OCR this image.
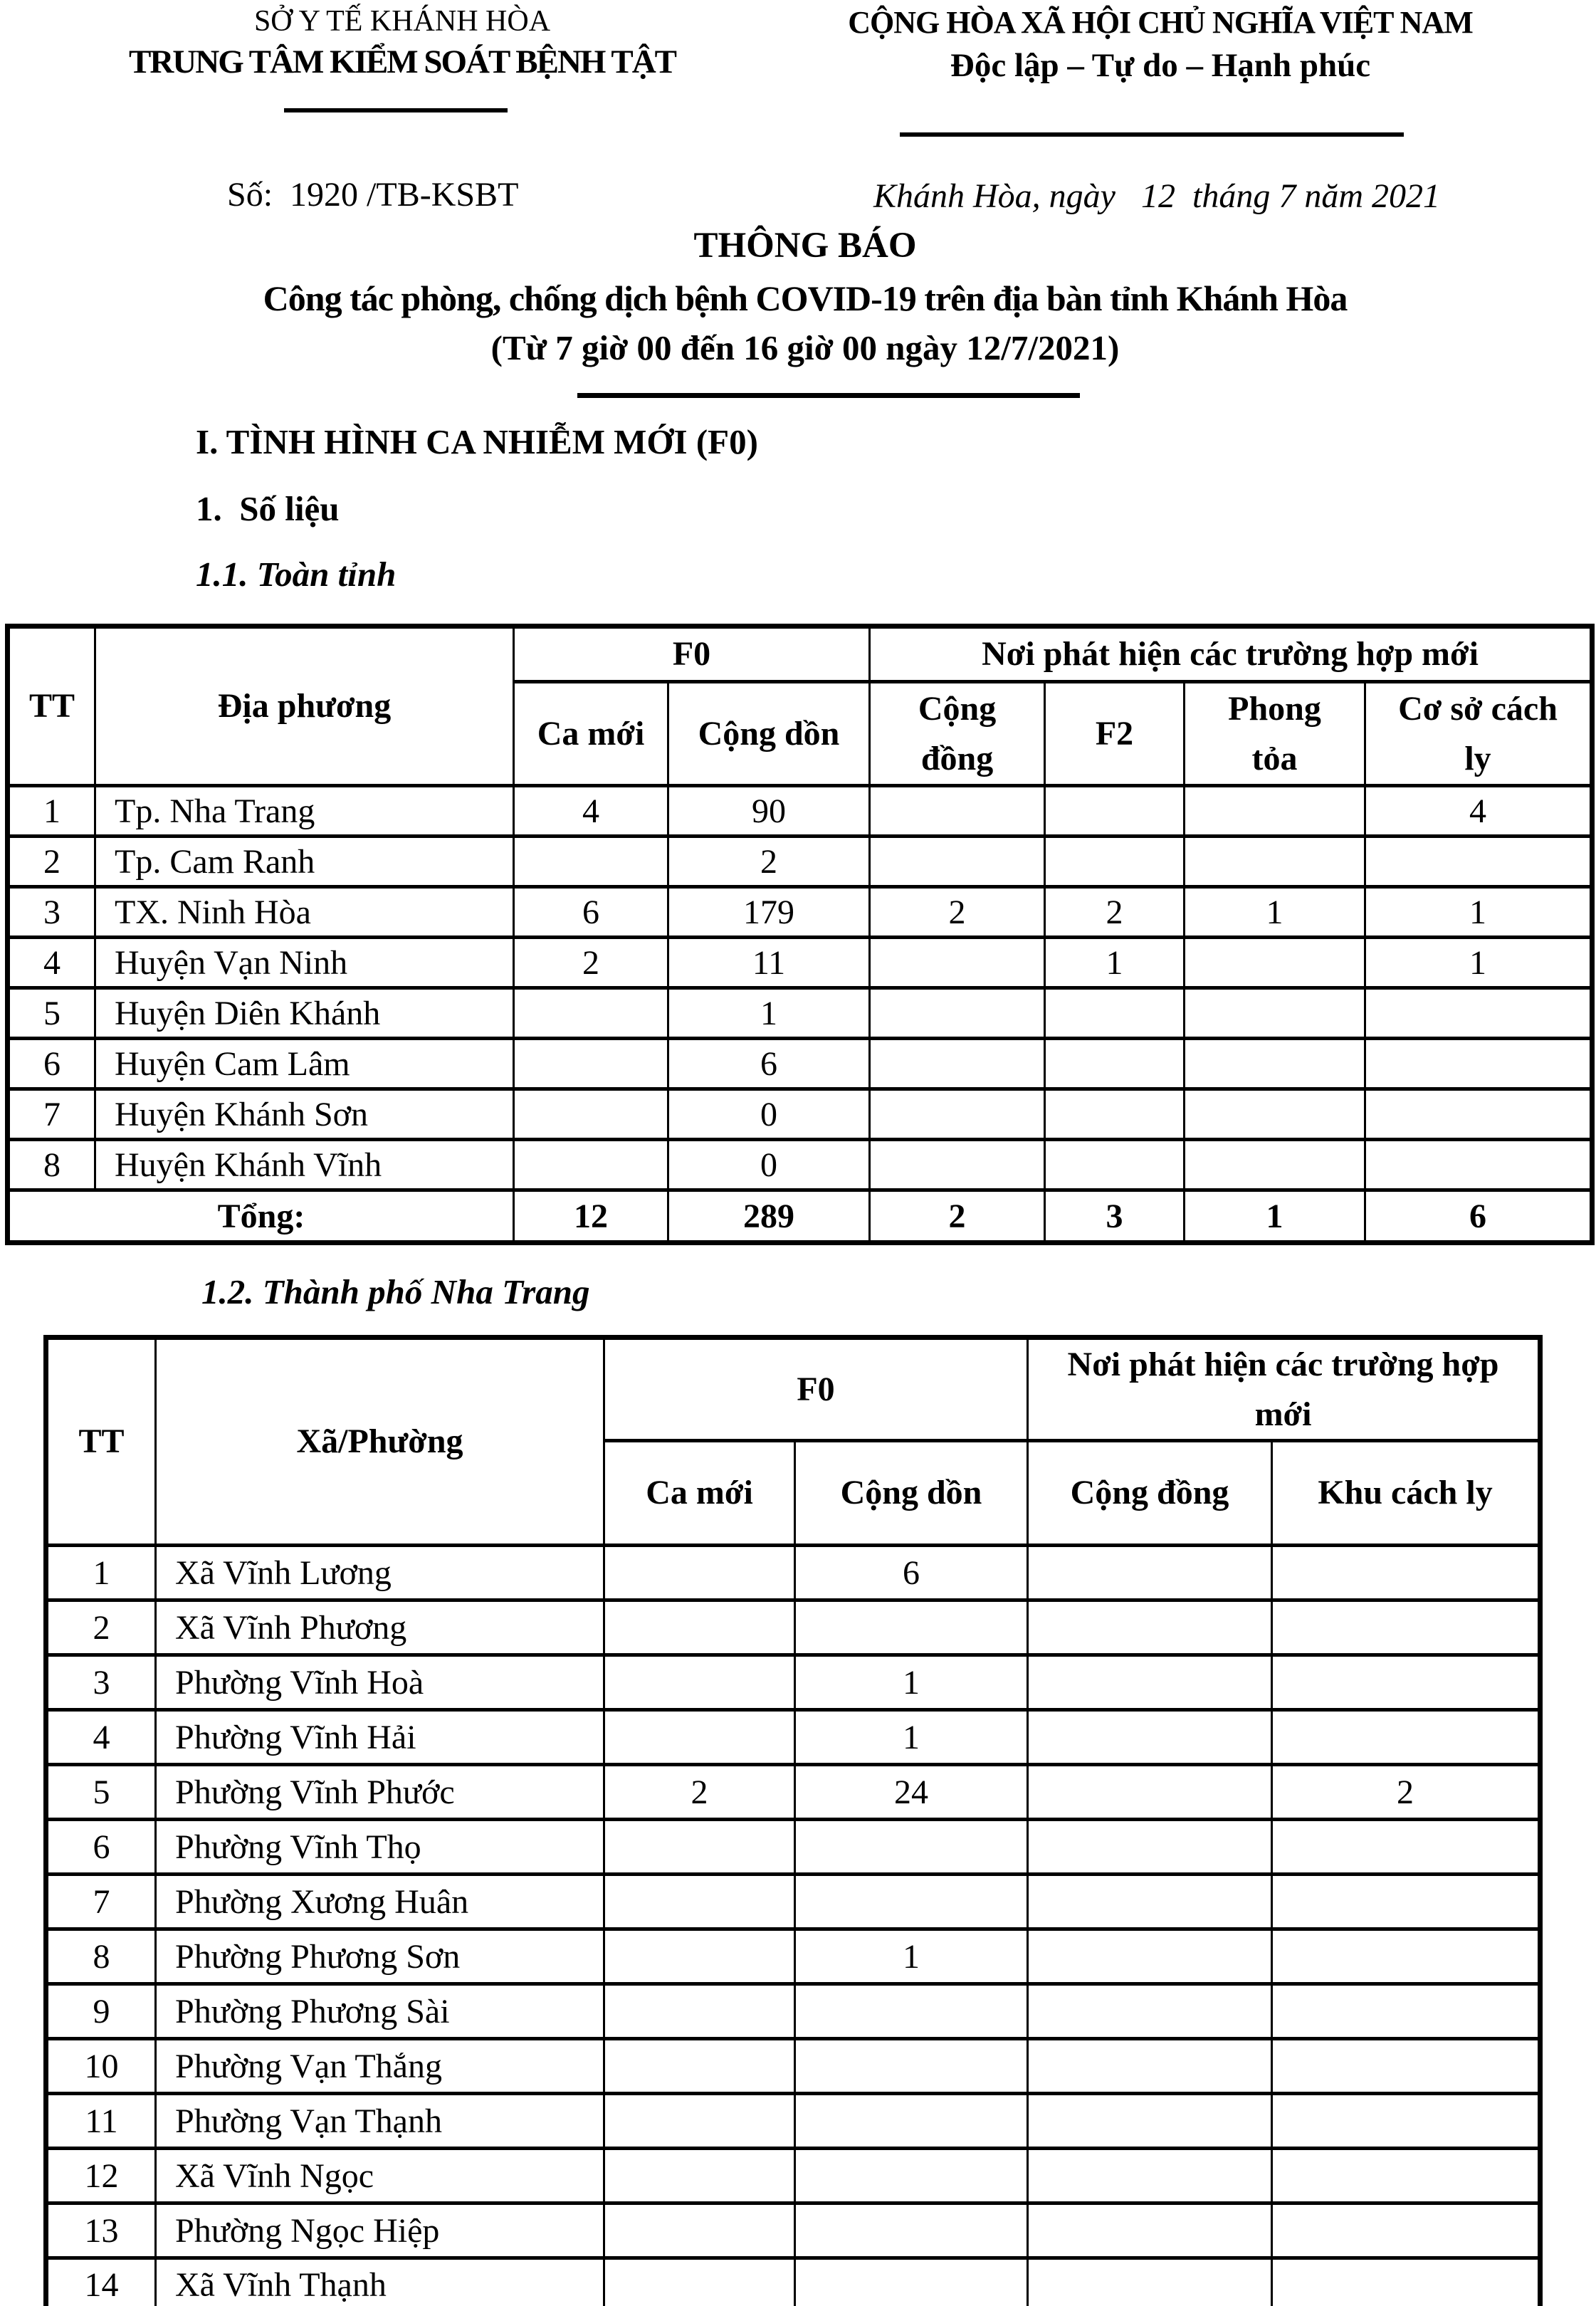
SỞ Y TẾ KHÁNH HÒA
TRUNG TÂM KIỂM SOÁT BỆNH TẬT
CỘNG HÒA XÃ HỘI CHỦ NGHĨA VIỆT NAM
Độc lập – Tự do – Hạnh phúc
Số:  1920 /TB-KSBT	Khánh Hòa, ngày   12  tháng 7 năm 2021
THÔNG BÁO
Công tác phòng, chống dịch bệnh COVID-19 trên địa bàn tỉnh Khánh Hòa
(Từ 7 giờ 00 đến 16 giờ 00 ngày 12/7/2021)
I. TÌNH HÌNH CA NHIỄM MỚI (F0)
1.  Số liệu
1.1. Toàn tỉnh
1.2. Thành phố Nha Trang
TT	Địa phương	F0		Nơi phát hiện các trường hợp mới			
		Ca mới	Cộng dồn	Cộng đồng	F2	Phong tỏa	Cơ sở cách ly
1	Tp. Nha Trang	4	90				4
2	Tp. Cam Ranh		2				
3	TX. Ninh Hòa	6	179	2	2	1	1
4	Huyện Vạn Ninh	2	11		1		1
5	Huyện Diên Khánh		1				
6	Huyện Cam Lâm		6				
7	Huyện Khánh Sơn		0				
8	Huyện Khánh Vĩnh		0				
Tổng:		12	289	2	3	1	6
TT	Xã/Phường	F0		Nơi phát hiện các trường hợp mới	
		Ca mới	Cộng dồn	Cộng đồng	Khu cách ly
1	Xã Vĩnh Lương		6		
2	Xã Vĩnh Phương				
3	Phường Vĩnh Hoà		1		
4	Phường Vĩnh Hải		1		
5	Phường Vĩnh Phước	2	24		2
6	Phường Vĩnh Thọ				
7	Phường Xương Huân				
8	Phường Phương Sơn		1		
9	Phường Phương Sài				
10	Phường Vạn Thắng				
11	Phường Vạn Thạnh				
12	Xã Vĩnh Ngọc				
13	Phường Ngọc Hiệp				
14	Xã Vĩnh Thạnh				
